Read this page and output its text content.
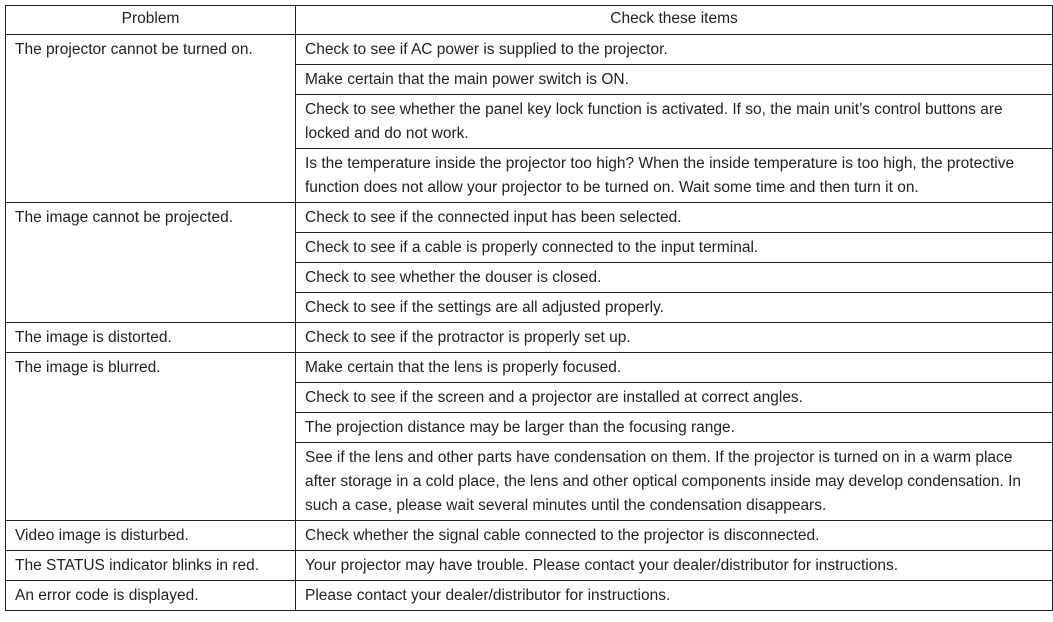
Problem	Check these items
The projector cannot be turned on.	Check to see if AC power is supplied to the projector.
	Make certain that the main power switch is ON.
	Check to see whether the panel key lock function is activated. If so, the main unit’s control buttons are locked and do not work.
	Is the temperature inside the projector too high? When the inside temperature is too high, the protective function does not allow your projector to be turned on. Wait some time and then turn it on.
The image cannot be projected.	Check to see if the connected input has been selected.
	Check to see if a cable is properly connected to the input terminal.
	Check to see whether the douser is closed.
	Check to see if the settings are all adjusted properly.
The image is distorted.	Check to see if the protractor is properly set up.
The image is blurred.	Make certain that the lens is properly focused.
	Check to see if the screen and a projector are installed at correct angles.
	The projection distance may be larger than the focusing range.
	See if the lens and other parts have condensation on them. If the projector is turned on in a warm place after storage in a cold place, the lens and other optical components inside may develop condensation. In such a case, please wait several minutes until the condensation disappears.
Video image is disturbed.	Check whether the signal cable connected to the projector is disconnected.
The STATUS indicator blinks in red.	Your projector may have trouble. Please contact your dealer/distributor for instructions.
An error code is displayed.	Please contact your dealer/distributor for instructions.
